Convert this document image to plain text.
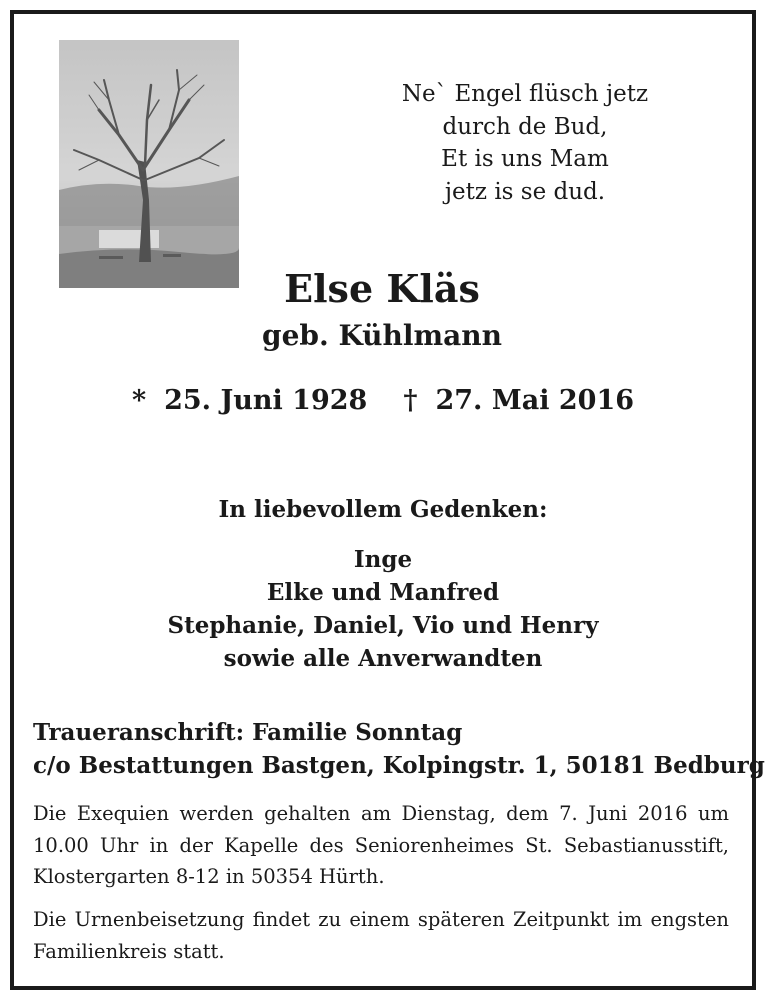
Ne` Engel flüsch jetz
durch de Bud,
Et is uns Mam
jetz is se dud.
Else Kläs
geb. Kühlmann
* 25. Juni 1928 † 27. Mai 2016
In liebevollem Gedenken:
Inge
Elke und Manfred
Stephanie, Daniel, Vio und Henry
sowie alle Anverwandten
Traueranschrift: Familie Sonntag
c/o Bestattungen Bastgen, Kolpingstr. 1, 50181 Bedburg
Die Exequien werden gehalten am Dienstag, dem 7. Juni 2016 um 10.00 Uhr in der Kapelle des Seniorenheimes St. Sebastianusstift, Klostergarten 8-12 in 50354 Hürth.
Die Urnenbeisetzung findet zu einem späteren Zeitpunkt im engsten Familienkreis statt.
